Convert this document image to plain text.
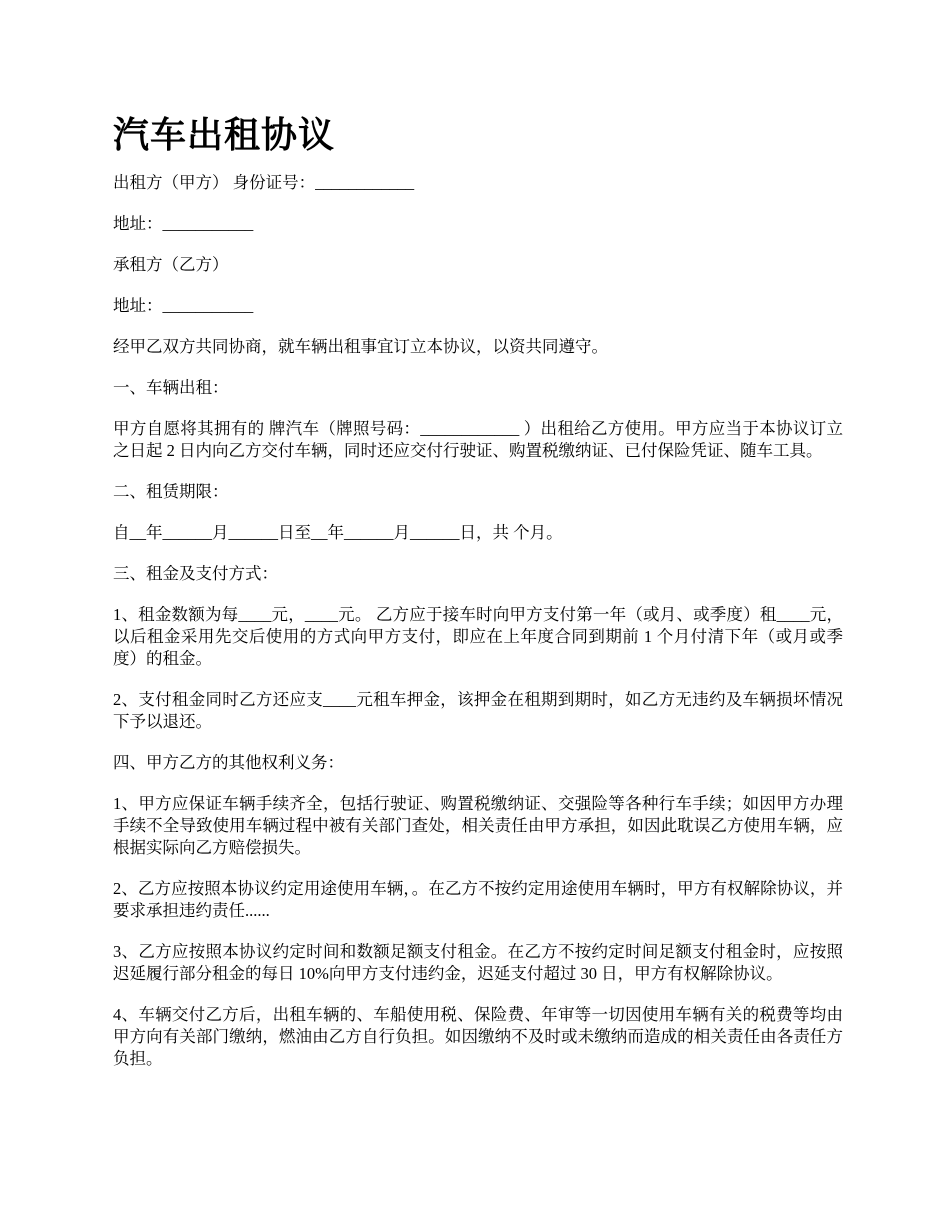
汽车出租协议

出租方（甲方） 身份证号：____________

地址：___________

承租方（乙方）

地址：___________

经甲乙双方共同协商，就车辆出租事宜订立本协议，以资共同遵守。

一、车辆出租：

甲方自愿将其拥有的 牌汽车（牌照号码：____________ ）出租给乙方使用。甲方应当于本协议订立之日起 2 日内向乙方交付车辆，同时还应交付行驶证、购置税缴纳证、已付保险凭证、随车工具。

二、租赁期限：

自__年______月______日至__年______月______日，共 个月。

三、租金及支付方式：

1、租金数额为每____元，____元。 乙方应于接车时向甲方支付第一年（或月、或季度）租____元，以后租金采用先交后使用的方式向甲方支付，即应在上年度合同到期前 1 个月付清下年（或月或季度）的租金。

2、支付租金同时乙方还应支____元租车押金，该押金在租期到期时，如乙方无违约及车辆损坏情况下予以退还。

四、甲方乙方的其他权利义务：

1、甲方应保证车辆手续齐全，包括行驶证、购置税缴纳证、交强险等各种行车手续；如因甲方办理手续不全导致使用车辆过程中被有关部门查处，相关责任由甲方承担，如因此耽误乙方使用车辆，应根据实际向乙方赔偿损失。

2、乙方应按照本协议约定用途使用车辆，。在乙方不按约定用途使用车辆时，甲方有权解除协议，并要求承担违约责任......

3、乙方应按照本协议约定时间和数额足额支付租金。在乙方不按约定时间足额支付租金时，应按照迟延履行部分租金的每日 10%向甲方支付违约金，迟延支付超过 30 日，甲方有权解除协议。

4、车辆交付乙方后，出租车辆的、车船使用税、保险费、年审等一切因使用车辆有关的税费等均由甲方向有关部门缴纳，燃油由乙方自行负担。如因缴纳不及时或未缴纳而造成的相关责任由各责任方负担。
